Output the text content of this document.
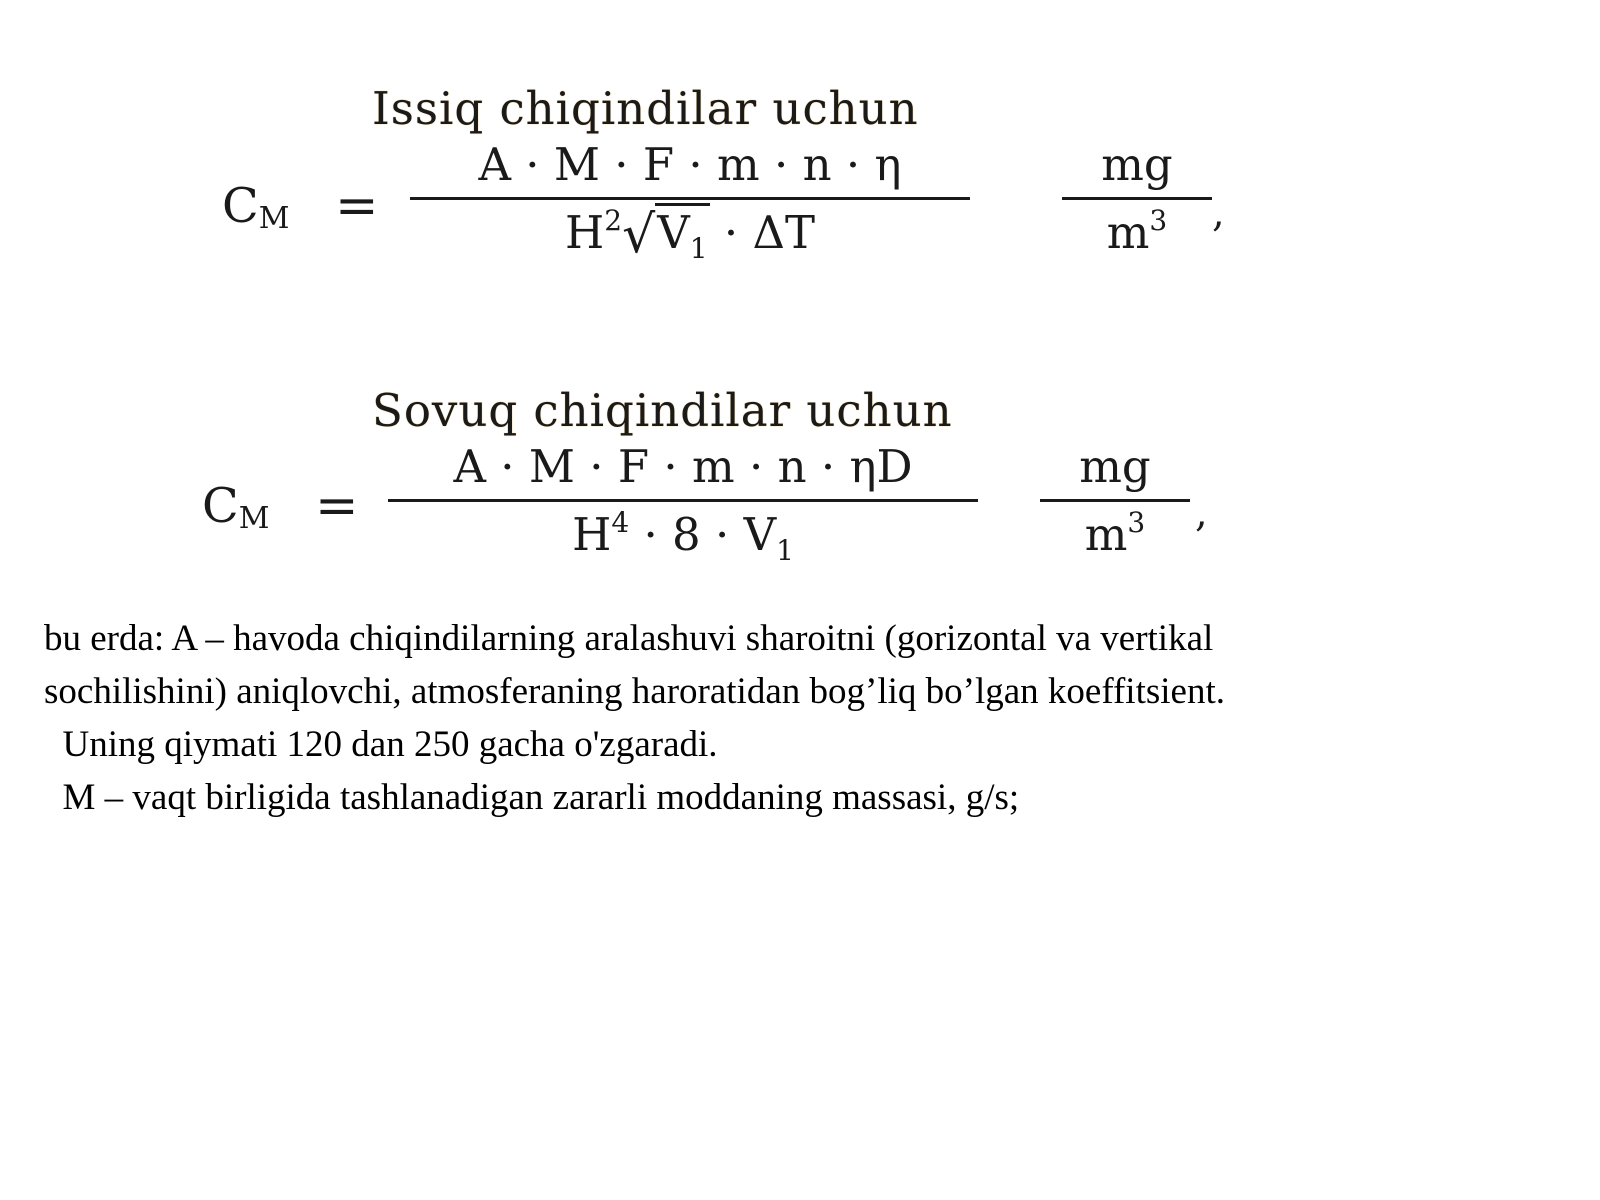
Issiq chiqindilar uchun
$C_M$ =
A · M · F · m · n · η
$H^2√V_1 \cdot \Delta T$
mg
$m^3$	,
Sovuq chiqindilar uchun
$C_M$ =
A · M · F · m · n · ηD
$H^4 \cdot 8 \cdot V_1$
mg
$m^3$	,
bu erda: A – havoda chiqindilarning aralashuvi sharoitni (gorizontal va vertikal
sochilishini) aniqlovchi, atmosferaning haroratidan bog’liq bo’lgan koeffitsient.
Uning qiymati 120 dan 250 gacha o'zgaradi.
M – vaqt birligida tashlanadigan zararli moddaning massasi, g/s;
